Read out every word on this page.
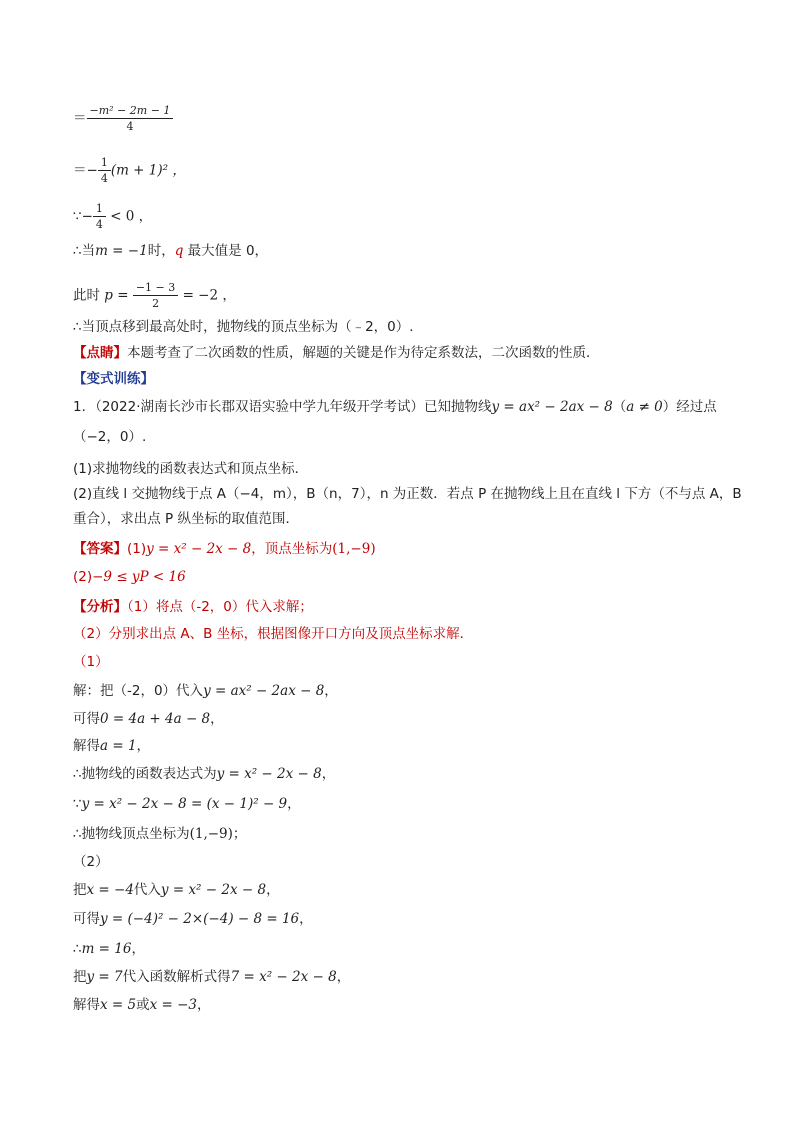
＝ $\frac{\text{−m² − 2m − 1}}{4}$
＝− $\frac{1}{4} (m + 1)^2$ ，
∵− $\frac{1}{4} < 0$ ，
∴当m = −1时，q 最大值是 0，
此时 $p = \frac{-1 - 3}{2} = -2$ ，
∴当顶点移到最高处时，抛物线的顶点坐标为（﹣2，0）.
【点睛】本题考查了二次函数的性质，解题的关键是作为待定系数法，二次函数的性质．
【变式训练】
1．（2022·湖南长沙市长郡双语实验中学九年级开学考试）已知抛物线y = ax² − 2ax − 8（a ≠ 0）经过点
（−2，0）.
(1)求抛物线的函数表达式和顶点坐标．
(2)直线 l 交抛物线于点 A（−4，m），B（n，7），n 为正数．若点 P 在抛物线上且在直线 l 下方（不与点 A，B
重合），求出点 P 纵坐标的取值范围．
【答案】(1)y = x² − 2x − 8，顶点坐标为(1,−9)
(2)−9 ≤ yP < 16
【分析】（1）将点（-2，0）代入求解；
（2）分别求出点 A、B 坐标，根据图像开口方向及顶点坐标求解．
（1）
解：把（-2，0）代入y = ax² − 2ax − 8，
可得0 = 4a + 4a − 8，
解得a = 1，
∴抛物线的函数表达式为y = x² − 2x − 8，
∵y = x² − 2x − 8 = (x − 1)² − 9，
∴抛物线顶点坐标为(1,−9)；
（2）
把x = −4代入y = x² − 2x − 8，
可得y = (−4)² − 2×(−4) − 8 = 16，
∴m = 16，
把y = 7代入函数解析式得7 = x² − 2x − 8，
解得x = 5或x = −3，
